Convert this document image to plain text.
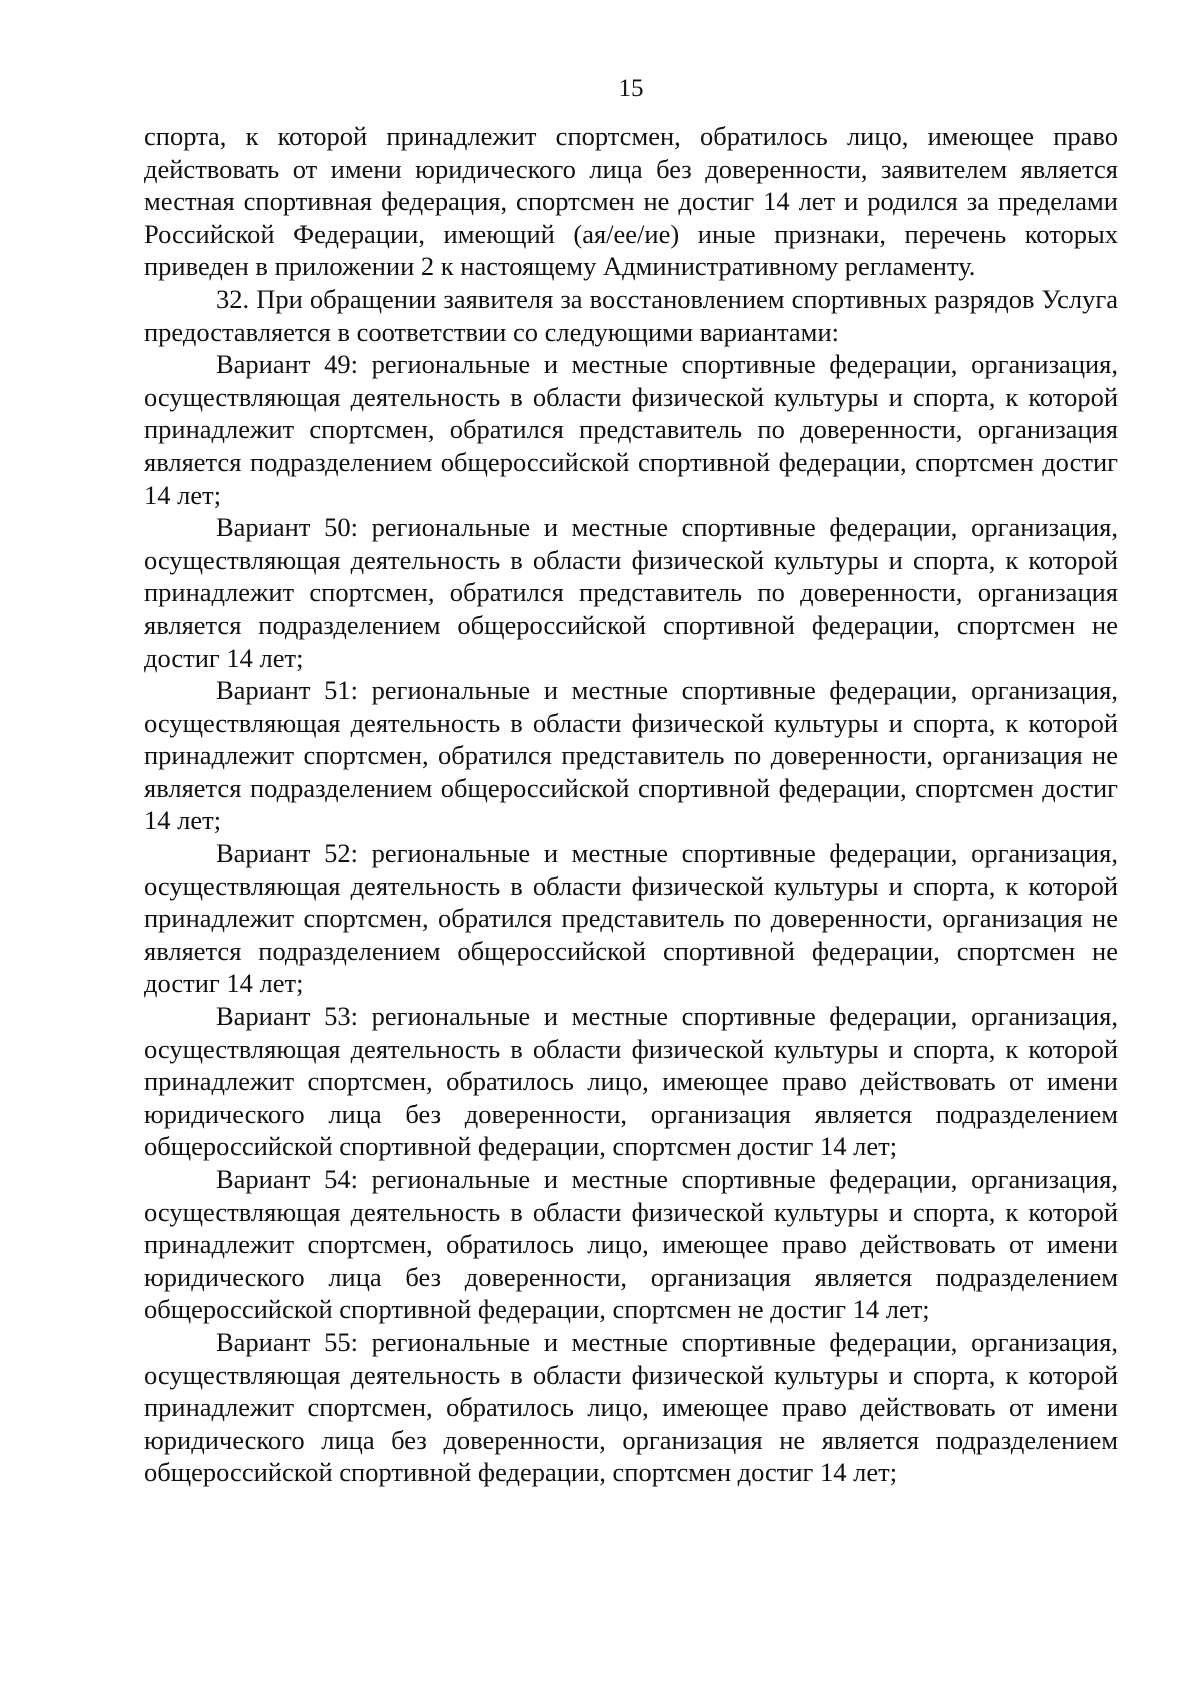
15

спорта, к которой принадлежит спортсмен, обратилось лицо, имеющее право действовать от имени юридического лица без доверенности, заявителем является местная спортивная федерация, спортсмен не достиг 14 лет и родился за пределами Российской Федерации, имеющий (ая/ее/ие) иные признаки, перечень которых приведен в приложении 2 к настоящему Административному регламенту.

32. При обращении заявителя за восстановлением спортивных разрядов Услуга предоставляется в соответствии со следующими вариантами:

Вариант 49: региональные и местные спортивные федерации, организация, осуществляющая деятельность в области физической культуры и спорта, к которой принадлежит спортсмен, обратился представитель по доверенности, организация является подразделением общероссийской спортивной федерации, спортсмен достиг 14 лет;

Вариант 50: региональные и местные спортивные федерации, организация, осуществляющая деятельность в области физической культуры и спорта, к которой принадлежит спортсмен, обратился представитель по доверенности, организация является подразделением общероссийской спортивной федерации, спортсмен не достиг 14 лет;

Вариант 51: региональные и местные спортивные федерации, организация, осуществляющая деятельность в области физической культуры и спорта, к которой принадлежит спортсмен, обратился представитель по доверенности, организация не является подразделением общероссийской спортивной федерации, спортсмен достиг 14 лет;

Вариант 52: региональные и местные спортивные федерации, организация, осуществляющая деятельность в области физической культуры и спорта, к которой принадлежит спортсмен, обратился представитель по доверенности, организация не является подразделением общероссийской спортивной федерации, спортсмен не достиг 14 лет;

Вариант 53: региональные и местные спортивные федерации, организация, осуществляющая деятельность в области физической культуры и спорта, к которой принадлежит спортсмен, обратилось лицо, имеющее право действовать от имени юридического лица без доверенности, организация является подразделением общероссийской спортивной федерации, спортсмен достиг 14 лет;

Вариант 54: региональные и местные спортивные федерации, организация, осуществляющая деятельность в области физической культуры и спорта, к которой принадлежит спортсмен, обратилось лицо, имеющее право действовать от имени юридического лица без доверенности, организация является подразделением общероссийской спортивной федерации, спортсмен не достиг 14 лет;

Вариант 55: региональные и местные спортивные федерации, организация, осуществляющая деятельность в области физической культуры и спорта, к которой принадлежит спортсмен, обратилось лицо, имеющее право действовать от имени юридического лица без доверенности, организация не является подразделением общероссийской спортивной федерации, спортсмен достиг 14 лет;
